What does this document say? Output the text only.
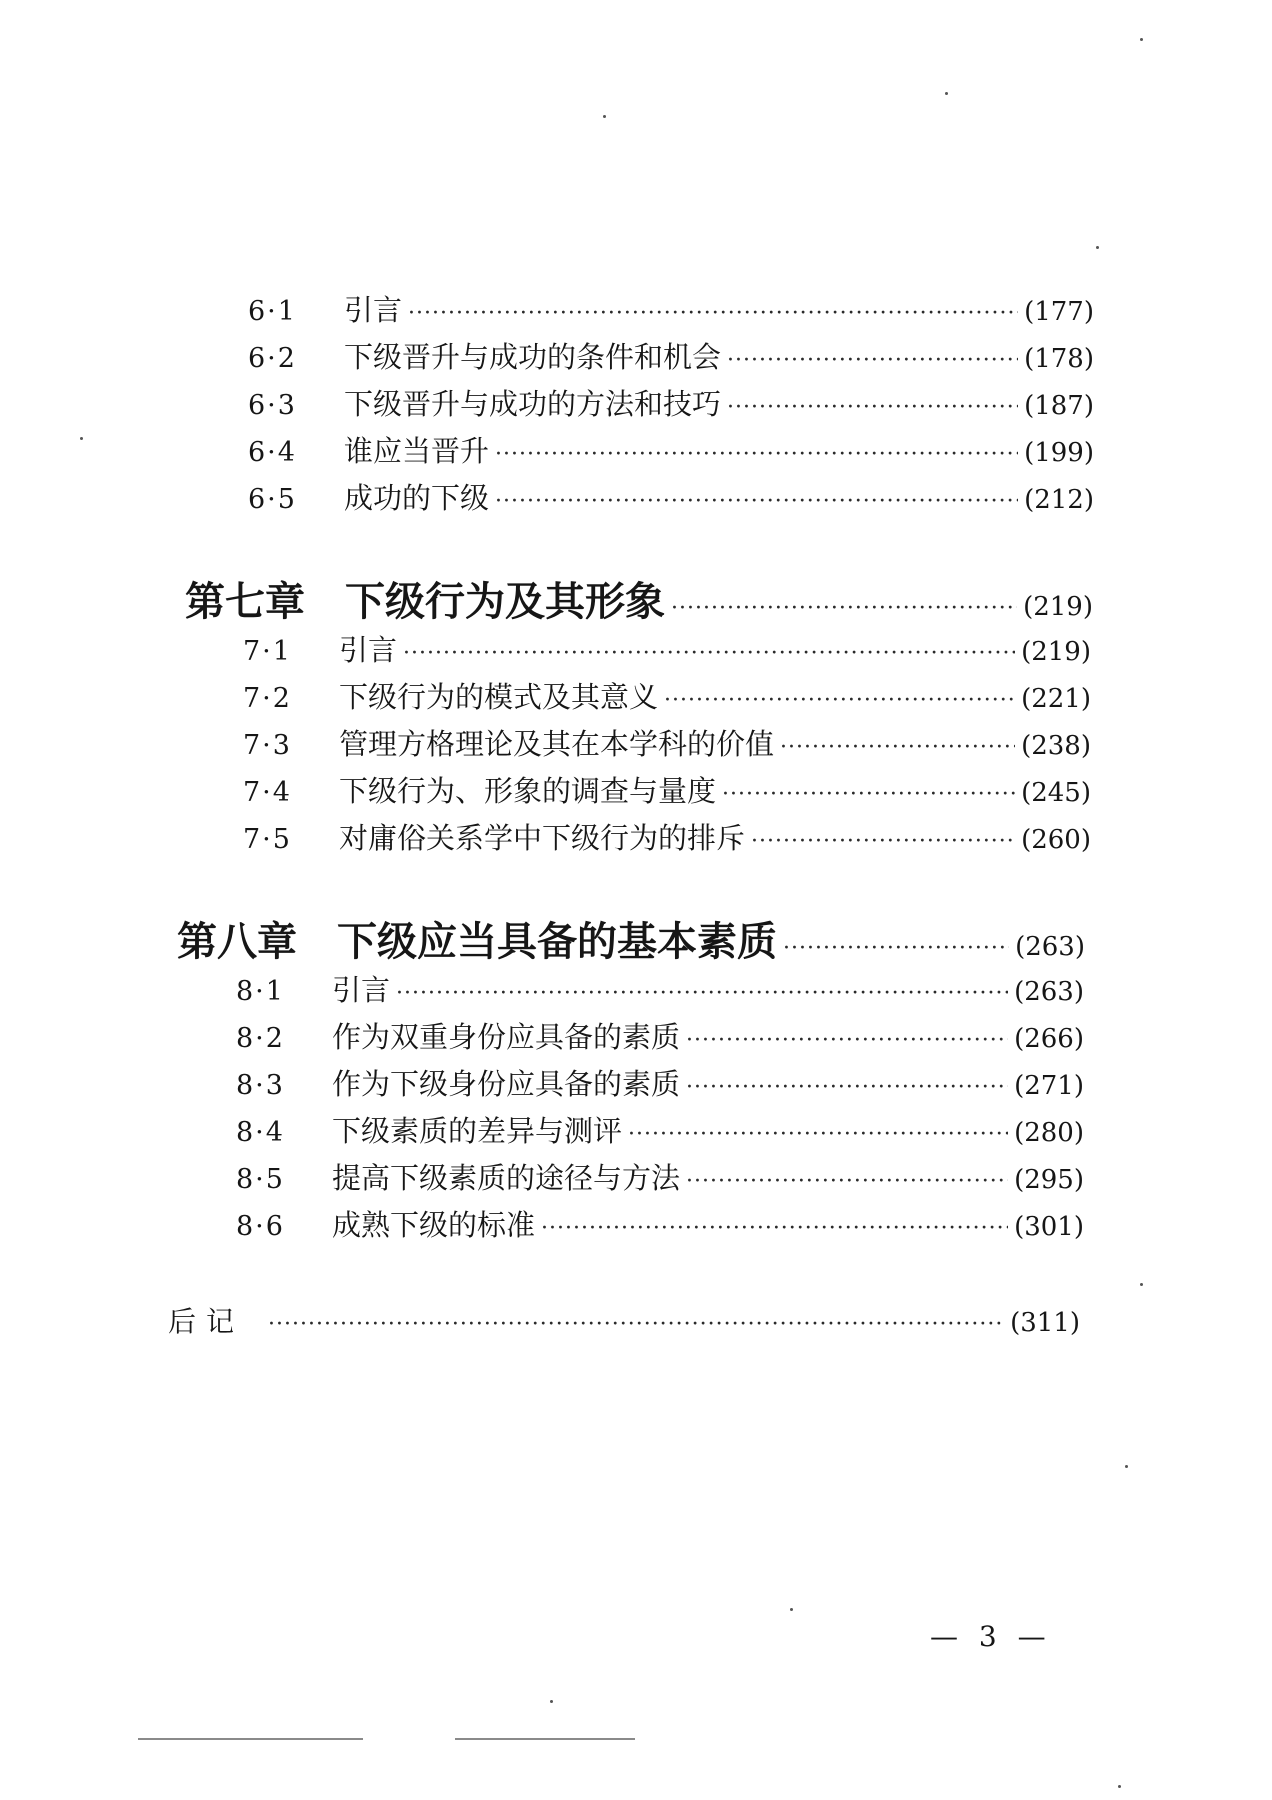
6·1	引言 ·····	(177)
6·2	下级晋升与成功的条件和机会 ·····	(178)
6·3	下级晋升与成功的方法和技巧 ·····	(187)
6·4	谁应当晋升 ·····	(199)
6·5	成功的下级 ·····	(212)
第七章 下级行为及其形象 ·····	(219)
7·1	引言 ·····	(219)
7·2	下级行为的模式及其意义 ·····	(221)
7·3	管理方格理论及其在本学科的价值 ·····	(238)
7·4	下级行为、形象的调查与量度 ·····	(245)
7·5	对庸俗关系学中下级行为的排斥 ·····	(260)
第八章 下级应当具备的基本素质 ·····	(263)
8·1	引言 ·····	(263)
8·2	作为双重身份应具备的素质 ·····	(266)
8·3	作为下级身份应具备的素质 ·····	(271)
8·4	下级素质的差异与测评 ·····	(280)
8·5	提高下级素质的途径与方法 ·····	(295)
8·6	成熟下级的标准 ·····	(301)
后记 ·····	(311)
— 3 —
